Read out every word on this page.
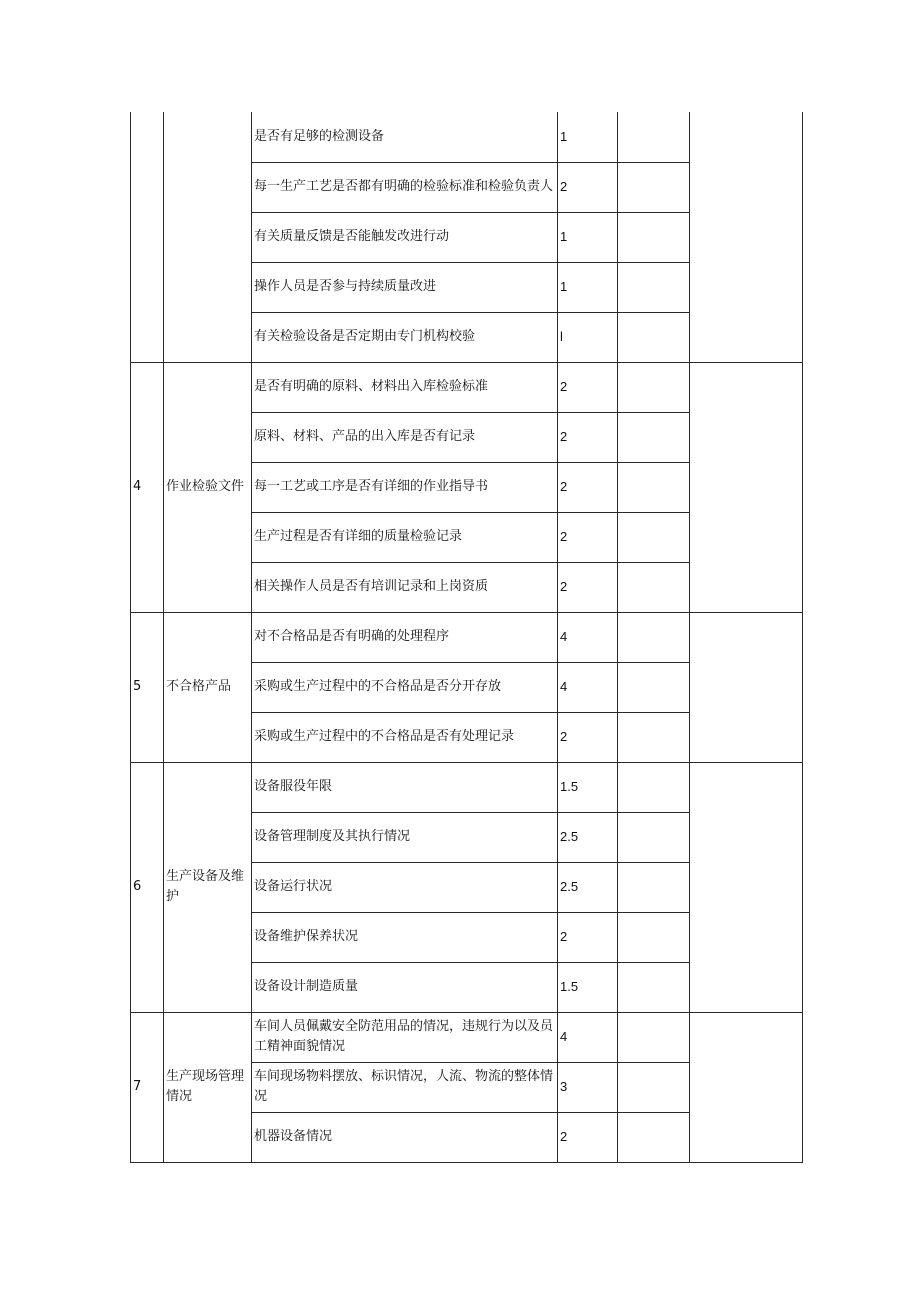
		是否有足够的检测设备	1		
		每一生产工艺是否都有明确的检验标准和检验负责人	2		
		有关质量反馈是否能触发改进行动	1		
		操作人员是否参与持续质量改进	1		
		有关检验设备是否定期由专门机构校验	l		
4	作业检验文件	是否有明确的原料、材料出入库检验标准	2		
		原料、材料、产品的出入库是否有记录	2		
		每一工艺或工序是否有详细的作业指导书	2		
		生产过程是否有详细的质量检验记录	2		
		相关操作人员是否有培训记录和上岗资质	2		
5	不合格产品	对不合格品是否有明确的处理程序	4		
		采购或生产过程中的不合格品是否分开存放	4		
		采购或生产过程中的不合格品是否有处理记录	2		
6	生产设备及维护	设备服役年限	1.5		
		设备管理制度及其执行情况	2.5		
		设备运行状况	2.5		
		设备维护保养状况	2		
		设备设计制造质量	1.5		
7	生产现场管理情况	车间人员佩戴安全防范用品的情况，违规行为以及员工精神面貌情况	4		
		车间现场物料摆放、标识情况，人流、物流的整体情况	3		
		机器设备情况	2		
